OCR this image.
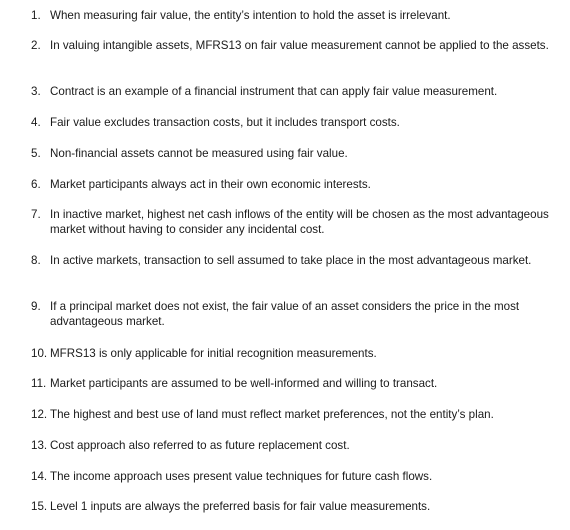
1. When measuring fair value, the entity’s intention to hold the asset is irrelevant.
2. In valuing intangible assets, MFRS13 on fair value measurement cannot be applied to the assets.
3. Contract is an example of a financial instrument that can apply fair value measurement.
4. Fair value excludes transaction costs, but it includes transport costs.
5. Non-financial assets cannot be measured using fair value.
6. Market participants always act in their own economic interests.
7. In inactive market, highest net cash inflows of the entity will be chosen as the most advantageous market without having to consider any incidental cost.
8. In active markets, transaction to sell assumed to take place in the most advantageous market.
9. If a principal market does not exist, the fair value of an asset considers the price in the most advantageous market.
10. MFRS13 is only applicable for initial recognition measurements.
11. Market participants are assumed to be well-informed and willing to transact.
12. The highest and best use of land must reflect market preferences, not the entity’s plan.
13. Cost approach also referred to as future replacement cost.
14. The income approach uses present value techniques for future cash flows.
15. Level 1 inputs are always the preferred basis for fair value measurements.
